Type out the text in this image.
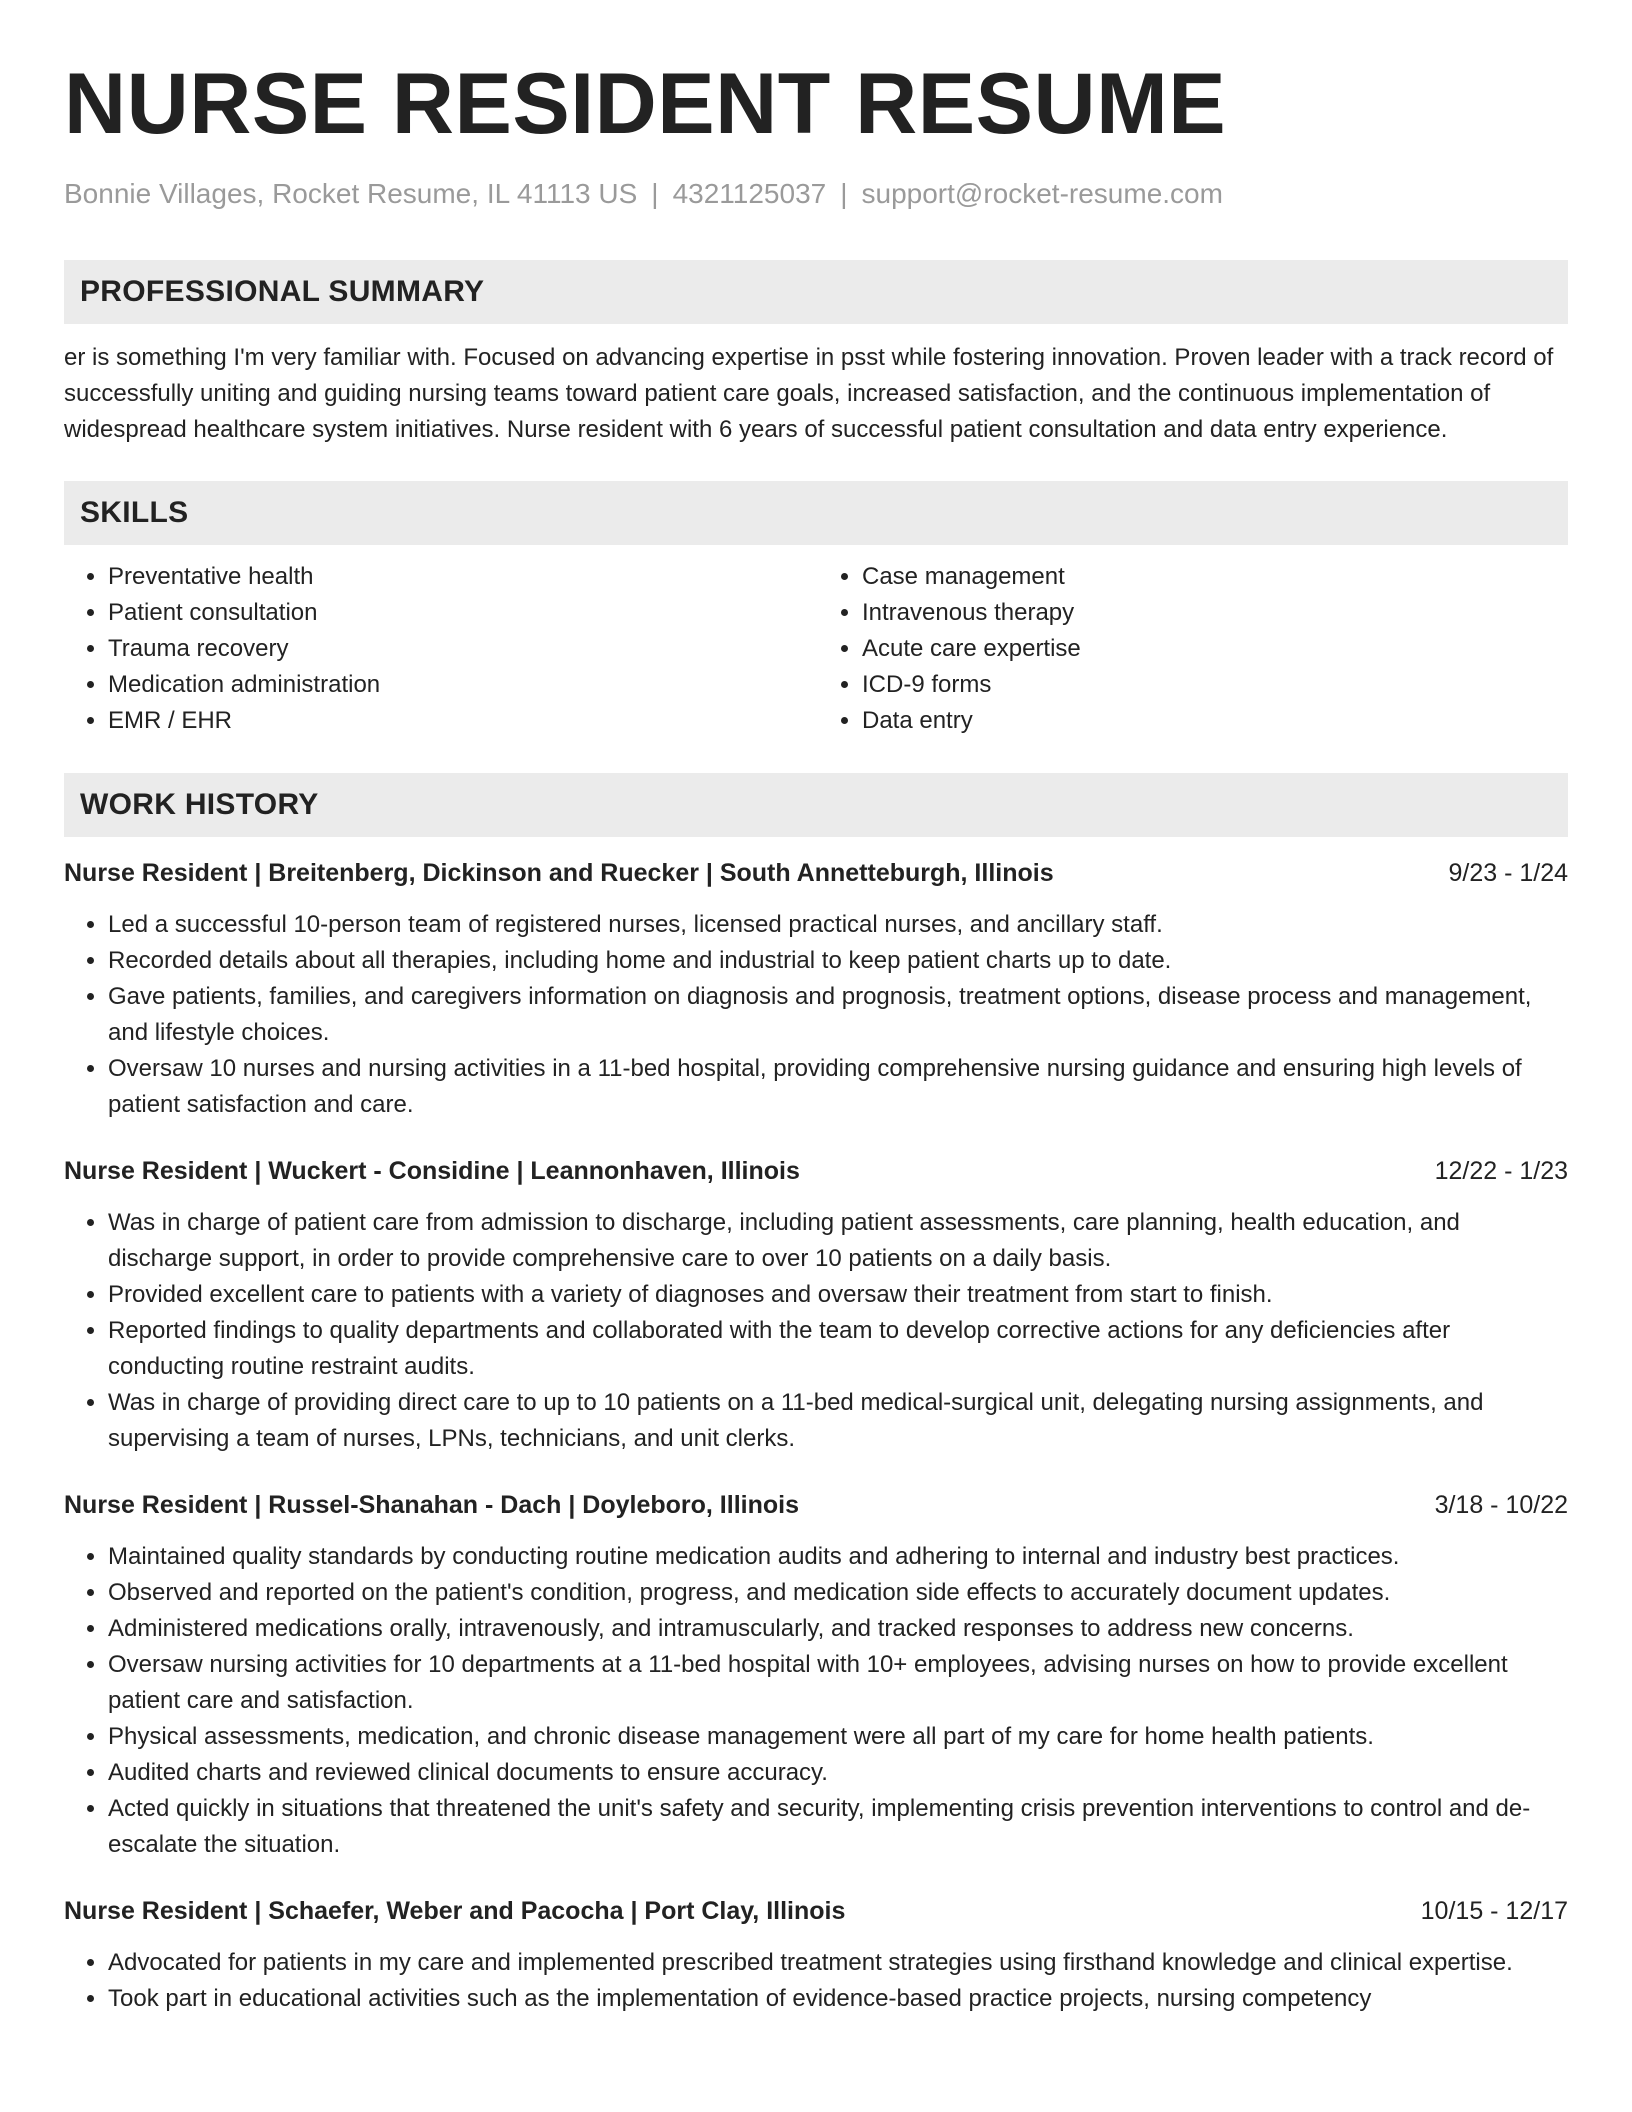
NURSE RESIDENT RESUME
Bonnie Villages, Rocket Resume, IL 41113 US | 4321125037 | support@rocket-resume.com
PROFESSIONAL SUMMARY

er is something I'm very familiar with. Focused on advancing expertise in psst while fostering innovation. Proven leader with a track record of successfully uniting and guiding nursing teams toward patient care goals, increased satisfaction, and the continuous implementation of widespread healthcare system initiatives. Nurse resident with 6 years of successful patient consultation and data entry experience.

SKILLS
• Preventative health
• Patient consultation
• Trauma recovery
• Medication administration
• EMR / EHR
• Case management
• Intravenous therapy
• Acute care expertise
• ICD-9 forms
• Data entry
WORK HISTORY
Nurse Resident | Breitenberg, Dickinson and Ruecker | South Annetteburgh, Illinois	9/23 - 1/24
• Led a successful 10-person team of registered nurses, licensed practical nurses, and ancillary staff.
• Recorded details about all therapies, including home and industrial to keep patient charts up to date.
• Gave patients, families, and caregivers information on diagnosis and prognosis, treatment options, disease process and management, and lifestyle choices.
• Oversaw 10 nurses and nursing activities in a 11-bed hospital, providing comprehensive nursing guidance and ensuring high levels of patient satisfaction and care.
Nurse Resident | Wuckert - Considine | Leannonhaven, Illinois	12/22 - 1/23
• Was in charge of patient care from admission to discharge, including patient assessments, care planning, health education, and discharge support, in order to provide comprehensive care to over 10 patients on a daily basis.
• Provided excellent care to patients with a variety of diagnoses and oversaw their treatment from start to finish.
• Reported findings to quality departments and collaborated with the team to develop corrective actions for any deficiencies after conducting routine restraint audits.
• Was in charge of providing direct care to up to 10 patients on a 11-bed medical-surgical unit, delegating nursing assignments, and supervising a team of nurses, LPNs, technicians, and unit clerks.
Nurse Resident | Russel-Shanahan - Dach | Doyleboro, Illinois	3/18 - 10/22
• Maintained quality standards by conducting routine medication audits and adhering to internal and industry best practices.
• Observed and reported on the patient's condition, progress, and medication side effects to accurately document updates.
• Administered medications orally, intravenously, and intramuscularly, and tracked responses to address new concerns.
• Oversaw nursing activities for 10 departments at a 11-bed hospital with 10+ employees, advising nurses on how to provide excellent patient care and satisfaction.
• Physical assessments, medication, and chronic disease management were all part of my care for home health patients.
• Audited charts and reviewed clinical documents to ensure accuracy.
• Acted quickly in situations that threatened the unit's safety and security, implementing crisis prevention interventions to control and de-escalate the situation.
Nurse Resident | Schaefer, Weber and Pacocha | Port Clay, Illinois	10/15 - 12/17
• Advocated for patients in my care and implemented prescribed treatment strategies using firsthand knowledge and clinical expertise.
• Took part in educational activities such as the implementation of evidence-based practice projects, nursing competency
